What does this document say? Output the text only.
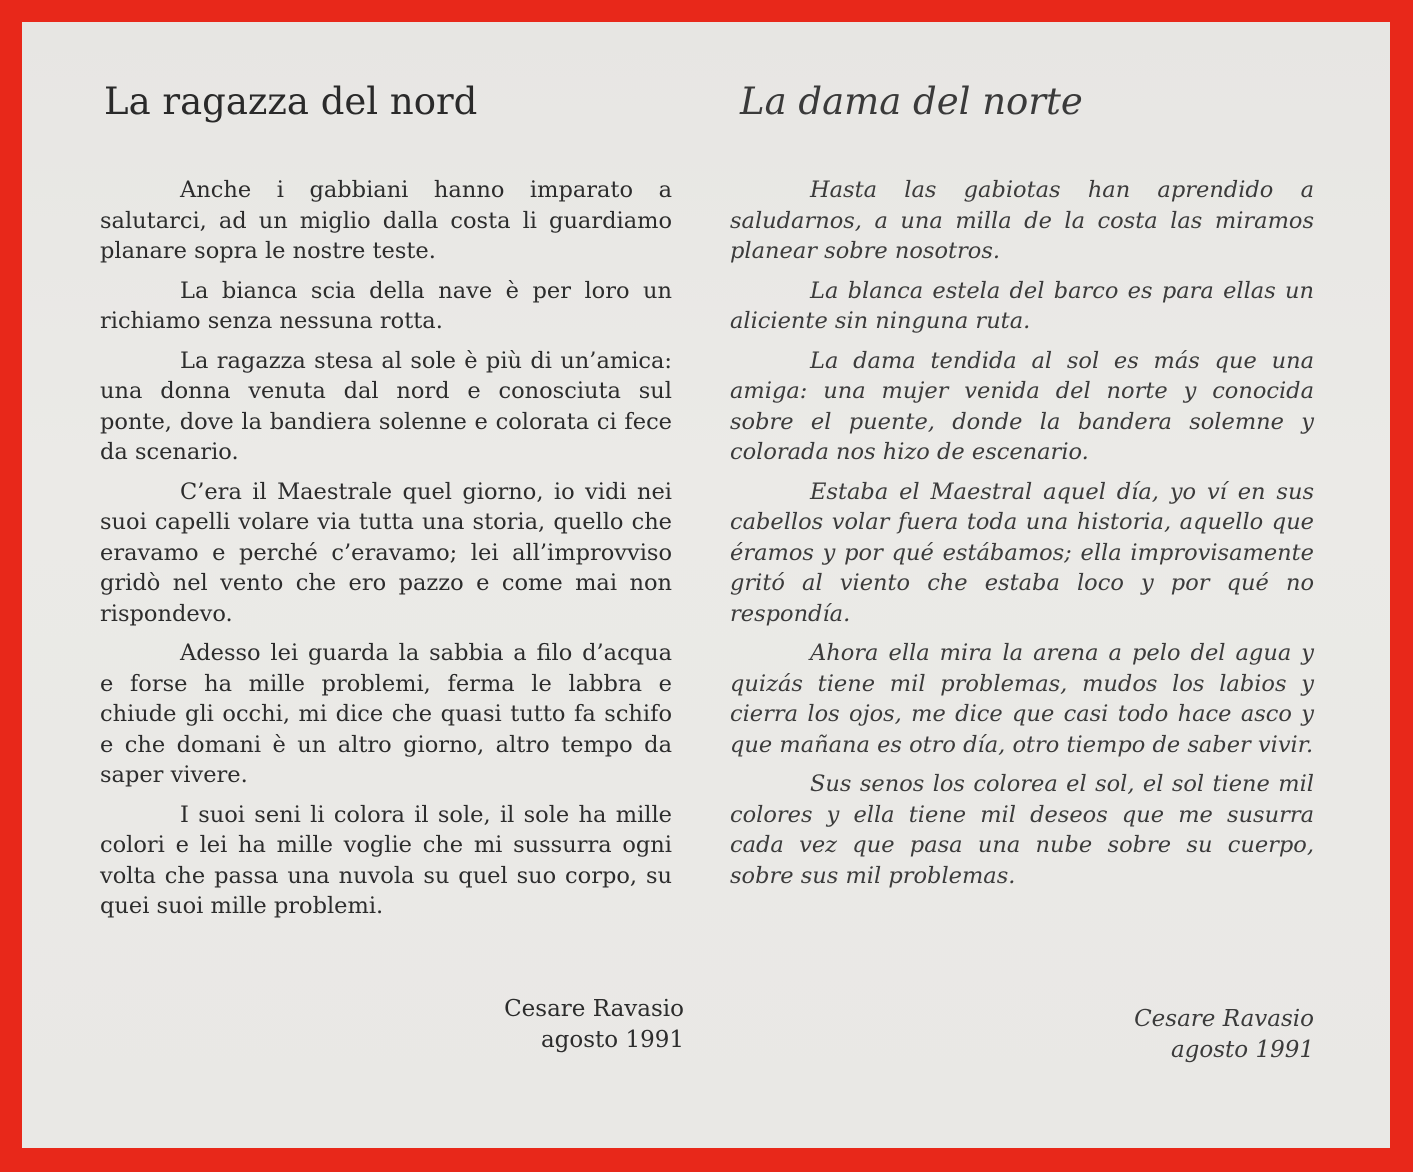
La ragazza del nord

Anche i gabbiani hanno imparato a salutarci, ad un miglio dalla costa li guardiamo planare sopra le nostre teste.

La bianca scia della nave è per loro un richiamo senza nessuna rotta.

La ragazza stesa al sole è più di un’amica: una donna venuta dal nord e conosciuta sul ponte, dove la bandiera solenne e colorata ci fece da scenario.

C’era il Maestrale quel giorno, io vidi nei suoi capelli volare via tutta una storia, quello che eravamo e perché c’eravamo; lei all’improvviso gridò nel vento che ero pazzo e come mai non rispondevo.

Adesso lei guarda la sabbia a filo d’acqua e forse ha mille problemi, ferma le labbra e chiude gli occhi, mi dice che quasi tutto fa schifo e che domani è un altro giorno, altro tempo da saper vivere.

I suoi seni li colora il sole, il sole ha mille colori e lei ha mille voglie che mi sussurra ogni volta che passa una nuvola su quel suo corpo, su quei suoi mille problemi.

Cesare Ravasio
agosto 1991
La dama del norte

Hasta las gabiotas han aprendido a saludarnos, a una milla de la costa las miramos planear sobre nosotros.

La blanca estela del barco es para ellas un aliciente sin ninguna ruta.

La dama tendida al sol es más que una amiga: una mujer venida del norte y conocida sobre el puente, donde la bandera solemne y colorada nos hizo de escenario.

Estaba el Maestral aquel día, yo ví en sus cabellos volar fuera toda una historia, aquello que éramos y por qué estábamos; ella improvisamente gritó al viento che estaba loco y por qué no respondía.

Ahora ella mira la arena a pelo del agua y quizás tiene mil problemas, mudos los labios y cierra los ojos, me dice que casi todo hace asco y que mañana es otro día, otro tiempo de saber vivir.

Sus senos los colorea el sol, el sol tiene mil colores y ella tiene mil deseos que me susurra cada vez que pasa una nube sobre su cuerpo, sobre sus mil problemas.

Cesare Ravasio
agosto 1991
